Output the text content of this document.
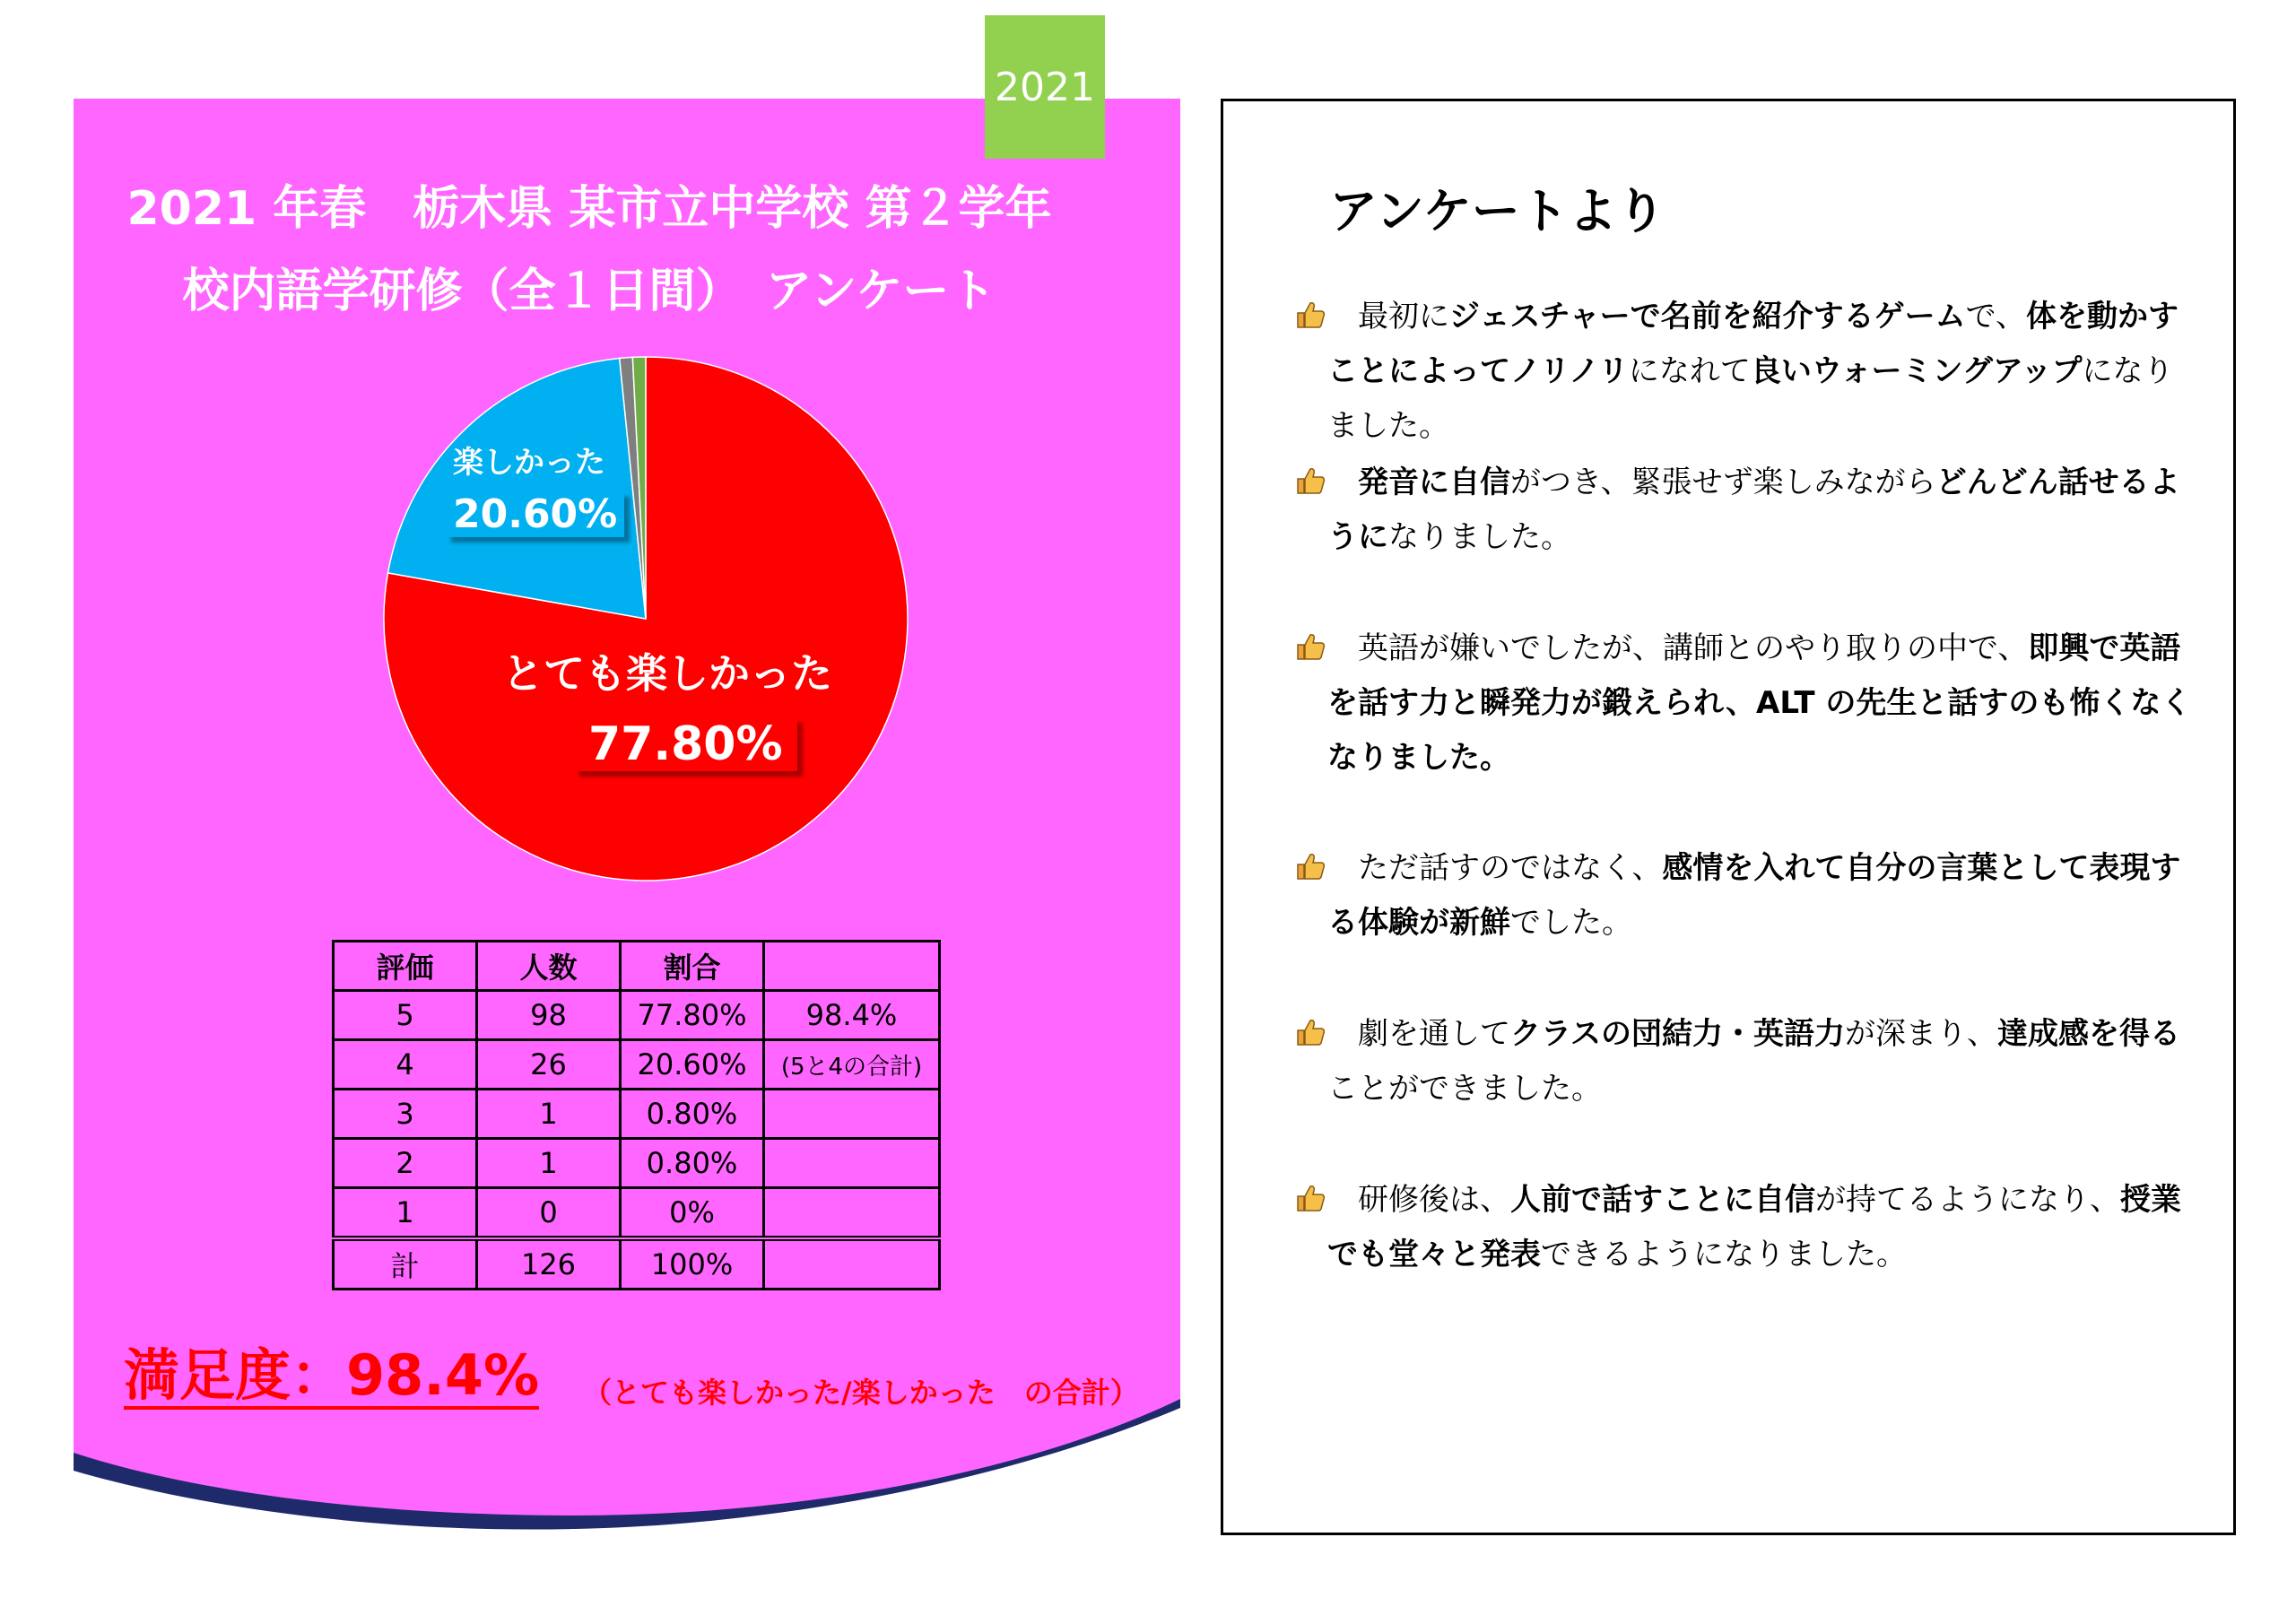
2021
2021 年春　栃木県 某市立中学校 第２学年
校内語学研修（全１日間）　アンケート
楽しかった
20.60%
とても楽しかった
77.80%
評価	人数	割合	
5	98	77.80%	98.4%
4	26	20.60%	(5と4の合計)
3	1	0.80%	
2	1	0.80%	
1	0	0%	
計	126	100%	
満足度：98.4% （とても楽しかった/楽しかった　の合計）
アンケートより
最初にジェスチャーで名前を紹介するゲームで、体を動かすことによってノリノリになれて良いウォーミングアップになりました。
発音に自信がつき、緊張せず楽しみながらどんどん話せるようになりました。
英語が嫌いでしたが、講師とのやり取りの中で、即興で英語を話す力と瞬発力が鍛えられ、ALT の先生と話すのも怖くなくなりました。
ただ話すのではなく、感情を入れて自分の言葉として表現する体験が新鮮でした。
劇を通してクラスの団結力・英語力が深まり、達成感を得ることができました。
研修後は、人前で話すことに自信が持てるようになり、授業でも堂々と発表できるようになりました。
